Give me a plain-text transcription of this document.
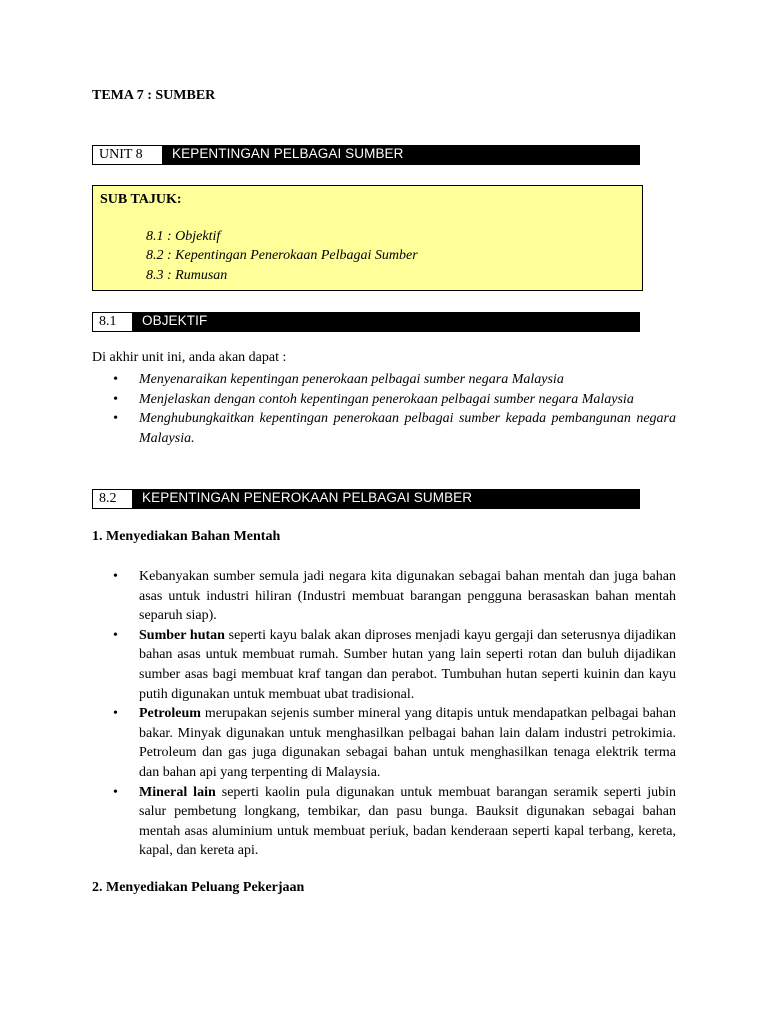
TEMA 7 : SUMBER
UNIT 8	KEPENTINGAN PELBAGAI SUMBER
SUB TAJUK:
8.1 : Objektif
8.2 : Kepentingan Penerokaan Pelbagai Sumber
8.3 : Rumusan
8.1	OBJEKTIF
Di akhir unit ini, anda akan dapat :
• Menyenaraikan kepentingan penerokaan pelbagai sumber negara Malaysia
• Menjelaskan dengan contoh kepentingan penerokaan pelbagai sumber negara Malaysia
• Menghubungkaitkan kepentingan penerokaan pelbagai sumber kepada pembangunan negara Malaysia.
8.2	KEPENTINGAN PENEROKAAN PELBAGAI SUMBER
1. Menyediakan Bahan Mentah
• Kebanyakan sumber semula jadi negara kita digunakan sebagai bahan mentah dan juga bahan asas untuk industri hiliran (Industri membuat barangan pengguna berasaskan bahan mentah separuh siap).
• Sumber hutan seperti kayu balak akan diproses menjadi kayu gergaji dan seterusnya dijadikan bahan asas untuk membuat rumah. Sumber hutan yang lain seperti rotan dan buluh dijadikan sumber asas bagi membuat kraf tangan dan perabot. Tumbuhan hutan seperti kuinin dan kayu putih digunakan untuk membuat ubat tradisional.
• Petroleum merupakan sejenis sumber mineral yang ditapis untuk mendapatkan pelbagai bahan bakar. Minyak digunakan untuk menghasilkan pelbagai bahan lain dalam industri petrokimia. Petroleum dan gas juga digunakan sebagai bahan untuk menghasilkan tenaga elektrik terma dan bahan api yang terpenting di Malaysia.
• Mineral lain seperti kaolin pula digunakan untuk membuat barangan seramik seperti jubin salur pembetung longkang, tembikar, dan pasu bunga. Bauksit digunakan sebagai bahan mentah asas aluminium untuk membuat periuk, badan kenderaan seperti kapal terbang, kereta, kapal, dan kereta api.
2. Menyediakan Peluang Pekerjaan
